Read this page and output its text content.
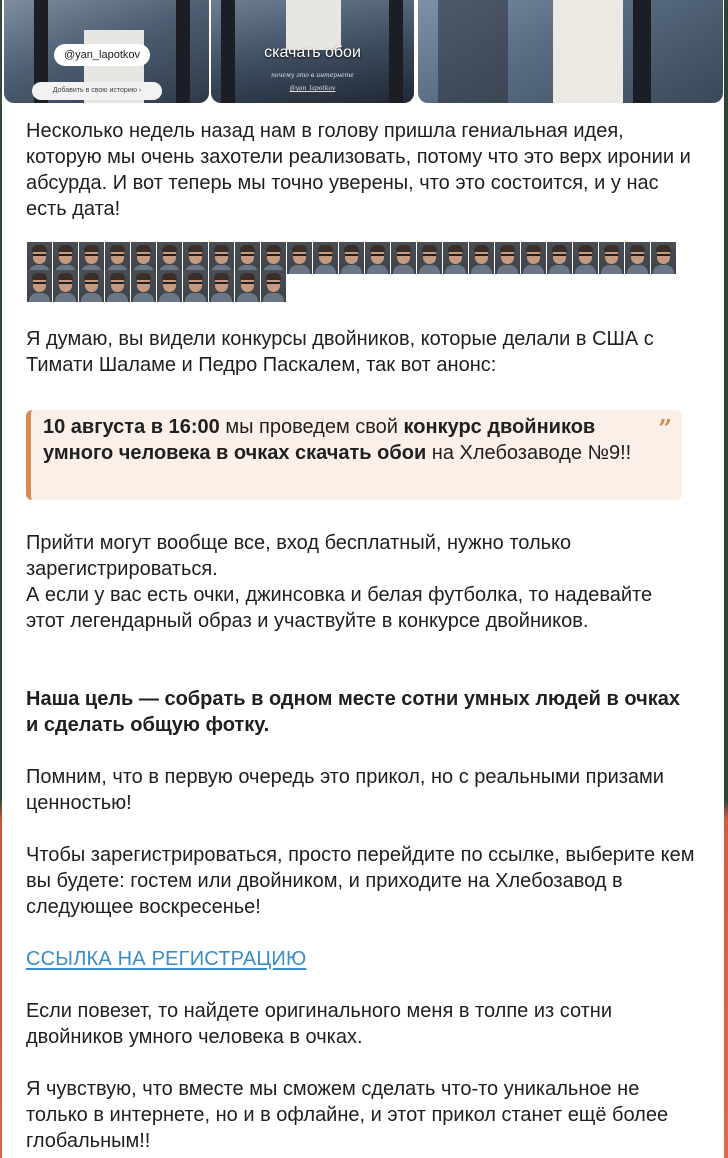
@yan_lapotkov
Добавить в свою историю ›
скачать обои
почему это в интернете
@yan_lapotkov

Несколько недель назад нам в голову пришла гениальная идея, которую мы очень захотели реализовать, потому что это верх иронии и абсурда. И вот теперь мы точно уверены, что это состоится, и у нас есть дата!

Я думаю, вы видели конкурсы двойников, которые делали в США с Тимати Шаламе и Педро Паскалем, так вот анонс:

10 августа в 16:00 мы проведем свой конкурс двойников умного человека в очках скачать обои на Хлебозаводе №9!!

”

Прийти могут вообще все, вход бесплатный, нужно только зарегистрироваться.

А если у вас есть очки, джинсовка и белая футболка, то надевайте этот легендарный образ и участвуйте в конкурсе двойников.

Наша цель — собрать в одном месте сотни умных людей в очках и сделать общую фотку.

Помним, что в первую очередь это прикол, но с реальными призами ценностью!

Чтобы зарегистрироваться, просто перейдите по ссылке, выберите кем вы будете: гостем или двойником, и приходите на Хлебозавод в следующее воскресенье!

ССЫЛКА НА РЕГИСТРАЦИЮ

Если повезет, то найдете оригинального меня в толпе из сотни двойников умного человека в очках.

Я чувствую, что вместе мы сможем сделать что-то уникальное не только в интернете, но и в офлайне, и этот прикол станет ещё более глобальным!!
